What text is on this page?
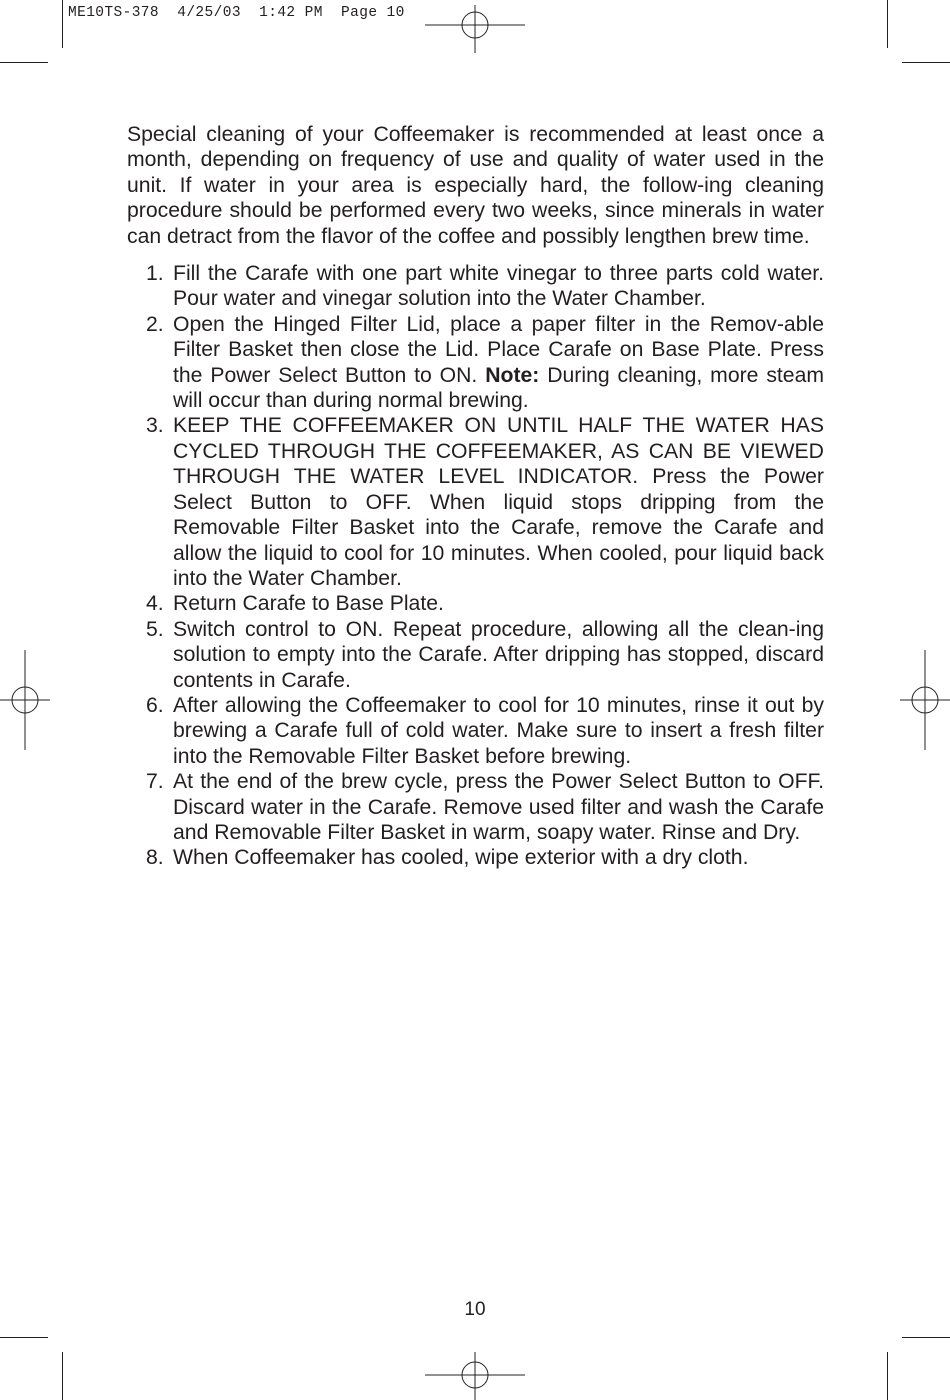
ME10TS-378  4/25/03  1:42 PM  Page 10

Special cleaning of your Coffeemaker is recommended at least once a month, depending on frequency of use and quality of water used in the unit. If water in your area is especially hard, the follow-ing cleaning procedure should be performed every two weeks, since minerals in water can detract from the flavor of the coffee and possibly lengthen brew time.

1. Fill the Carafe with one part white vinegar to three parts cold water. Pour water and vinegar solution into the Water Chamber.
2. Open the Hinged Filter Lid, place a paper filter in the Remov-able Filter Basket then close the Lid. Place Carafe on Base Plate. Press the Power Select Button to ON. Note: During cleaning, more steam will occur than during normal brewing.
3. KEEP THE COFFEEMAKER ON UNTIL HALF THE WATER HAS CYCLED THROUGH THE COFFEEMAKER, AS CAN BE VIEWED THROUGH THE WATER LEVEL INDICATOR. Press the Power Select Button to OFF. When liquid stops dripping from the Removable Filter Basket into the Carafe, remove the Carafe and allow the liquid to cool for 10 minutes. When cooled, pour liquid back into the Water Chamber.
4. Return Carafe to Base Plate.
5. Switch control to ON. Repeat procedure, allowing all the clean-ing solution to empty into the Carafe. After dripping has stopped, discard contents in Carafe.
6. After allowing the Coffeemaker to cool for 10 minutes, rinse it out by brewing a Carafe full of cold water. Make sure to insert a fresh filter into the Removable Filter Basket before brewing.
7. At the end of the brew cycle, press the Power Select Button to OFF. Discard water in the Carafe. Remove used filter and wash the Carafe and Removable Filter Basket in warm, soapy water. Rinse and Dry.
8. When Coffeemaker has cooled, wipe exterior with a dry cloth.
10
